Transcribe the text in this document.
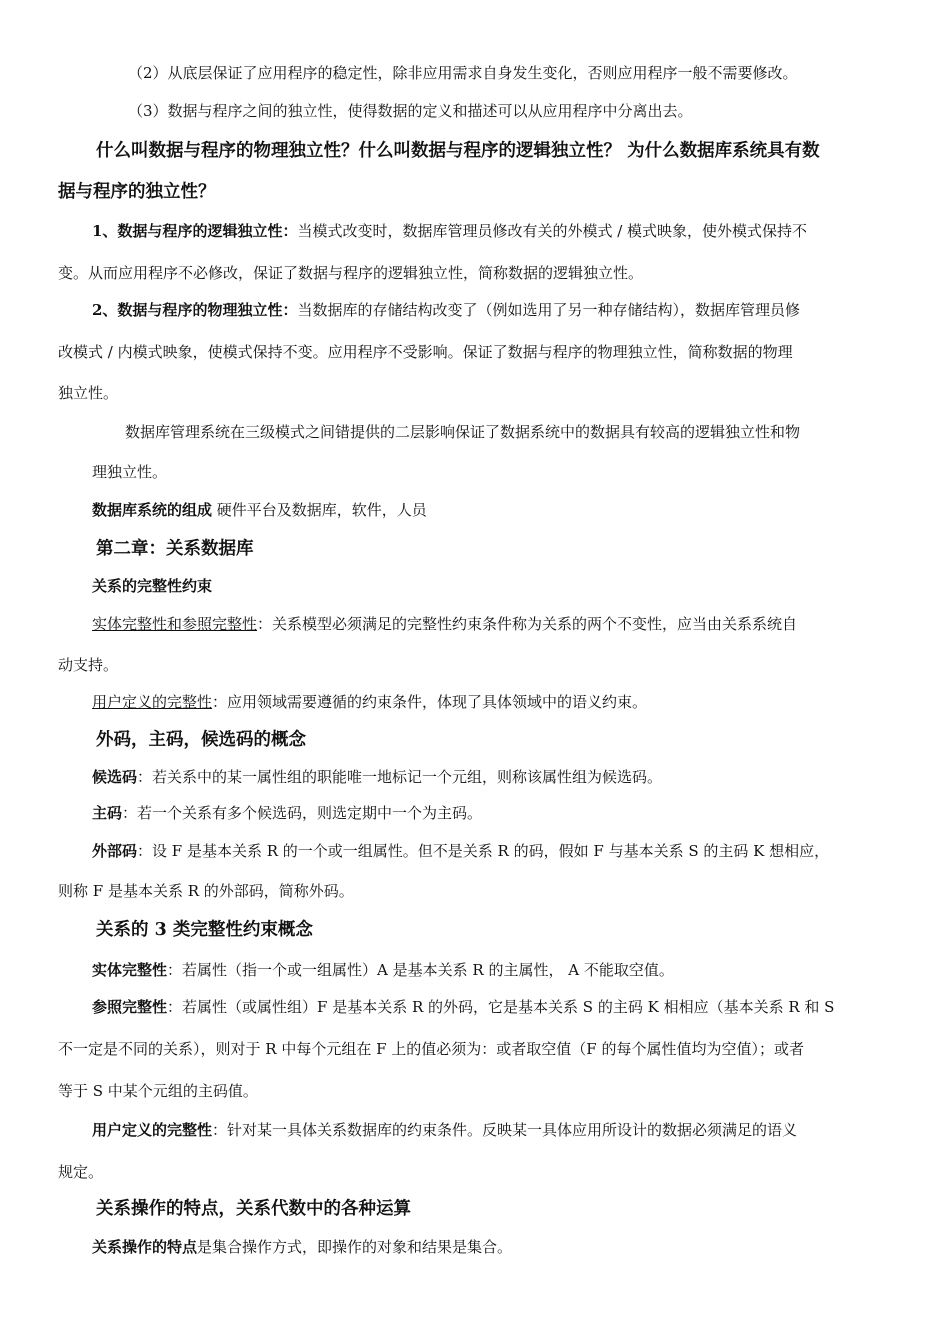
（2）从底层保证了应用程序的稳定性，除非应用需求自身发生变化，否则应用程序一般不需要修改。
（3）数据与程序之间的独立性，使得数据的定义和描述可以从应用程序中分离出去。
什么叫数据与程序的物理独立性？什么叫数据与程序的逻辑独立性？ 为什么数据库系统具有数
据与程序的独立性？
1、数据与程序的逻辑独立性：当模式改变时，数据库管理员修改有关的外模式 / 模式映象，使外模式保持不
变。从而应用程序不必修改，保证了数据与程序的逻辑独立性，简称数据的逻辑独立性。
2、数据与程序的物理独立性：当数据库的存储结构改变了（例如选用了另一种存储结构），数据库管理员修
改模式 / 内模式映象，使模式保持不变。应用程序不受影响。保证了数据与程序的物理独立性，简称数据的物理
独立性。
数据库管理系统在三级模式之间错提供的二层影响保证了数据系统中的数据具有较高的逻辑独立性和物
理独立性。
数据库系统的组成 硬件平台及数据库，软件，人员
第二章：关系数据库
关系的完整性约束
实体完整性和参照完整性：关系模型必须满足的完整性约束条件称为关系的两个不变性，应当由关系系统自
动支持。
用户定义的完整性：应用领域需要遵循的约束条件，体现了具体领域中的语义约束。
外码，主码，候选码的概念
候选码：若关系中的某一属性组的职能唯一地标记一个元组，则称该属性组为候选码。
主码：若一个关系有多个候选码，则选定期中一个为主码。
外部码：设 F 是基本关系 R 的一个或一组属性。但不是关系 R 的码，假如 F 与基本关系 S 的主码 K 想相应，
则称 F 是基本关系 R 的外部码，简称外码。
关系的 3 类完整性约束概念
实体完整性：若属性（指一个或一组属性）A 是基本关系 R 的主属性， A 不能取空值。
参照完整性：若属性（或属性组）F 是基本关系 R 的外码，它是基本关系 S 的主码 K 相相应（基本关系 R 和 S
不一定是不同的关系），则对于 R 中每个元组在 F 上的值必须为：或者取空值（F 的每个属性值均为空值）；或者
等于 S 中某个元组的主码值。
用户定义的完整性：针对某一具体关系数据库的约束条件。反映某一具体应用所设计的数据必须满足的语义
规定。
关系操作的特点，关系代数中的各种运算
关系操作的特点是集合操作方式，即操作的对象和结果是集合。
